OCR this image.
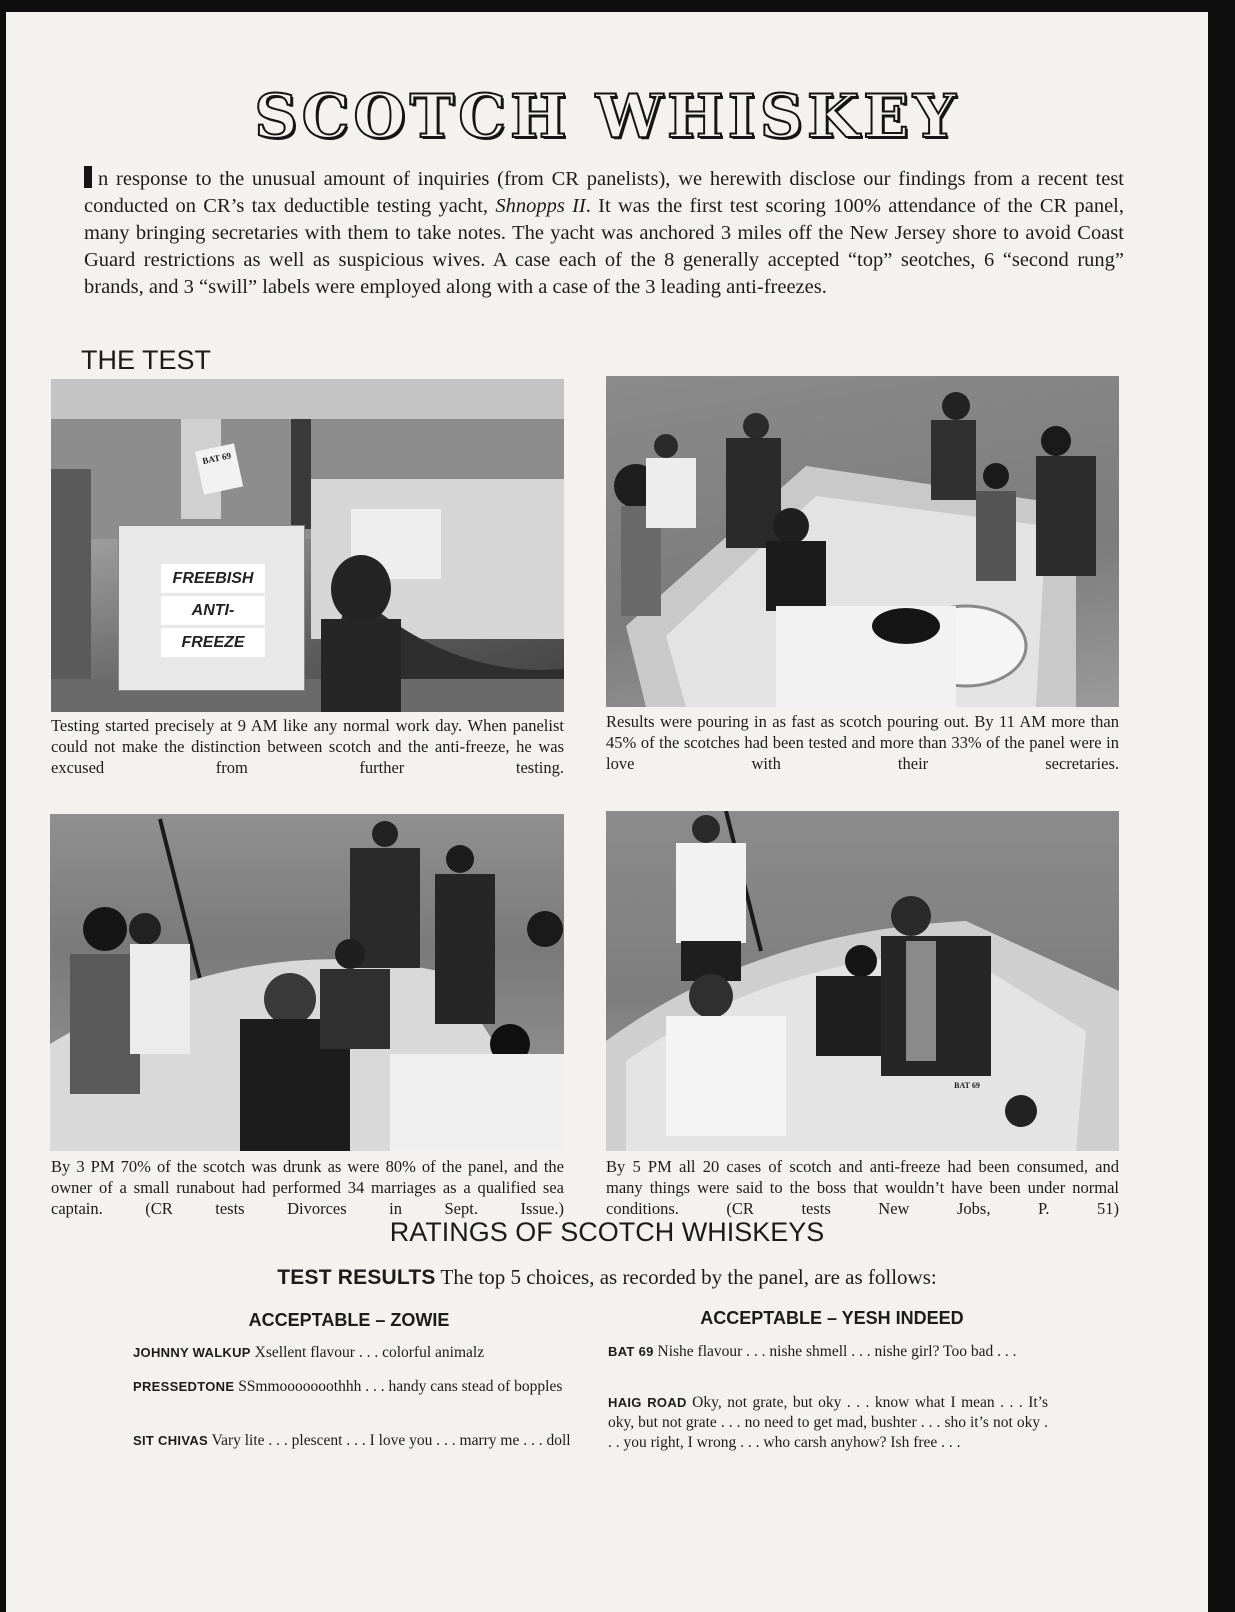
SCOTCH WHISKEY
n response to the unusual amount of inquiries (from CR panelists), we herewith disclose our findings from a recent test conducted on CR’s tax deductible testing yacht, Shnopps II. It was the first test scoring 100% attendance of the CR panel, many bringing secretaries with them to take notes. The yacht was anchored 3 miles off the New Jersey shore to avoid Coast Guard restrictions as well as suspicious wives. A case each of the 8 generally accepted “top” seotches, 6 “second rung” brands, and 3 “swill” labels were employed along with a case of the 3 leading anti-freezes.
THE TEST
FREEBISH
ANTI-
FREEZE
BAT 69
Testing started precisely at 9 AM like any normal work day. When panelist could not make the distinction between scotch and the anti-freeze, he was excused from further testing.
Results were pouring in as fast as scotch pouring out. By 11 AM more than 45% of the scotches had been tested and more than 33% of the panel were in love with their secretaries.
BAT 69
By 3 PM 70% of the scotch was drunk as were 80% of the panel, and the owner of a small runabout had performed 34 marriages as a qualified sea captain. (CR tests Divorces in Sept. Issue.)
By 5 PM all 20 cases of scotch and anti-freeze had been consumed, and many things were said to the boss that wouldn’t have been under normal conditions. (CR tests New Jobs, P. 51)
RATINGS OF SCOTCH WHISKEYS
TEST RESULTS The top 5 choices, as recorded by the panel, are as follows:
ACCEPTABLE – ZOWIE	ACCEPTABLE – YESH INDEED
JOHNNY WALKUP Xsellent flavour . . . colorful animalz
PRESSEDTONE SSmmooooooothhh . . . handy cans stead of bopples
SIT CHIVAS Vary lite . . . plescent . . . I love you . . . marry me . . . doll
BAT 69 Nishe flavour . . . nishe shmell . . . nishe girl? Too bad . . .
HAIG ROAD Oky, not grate, but oky . . . know what I mean . . . It’s oky, but not grate . . . no need to get mad, bushter . . . sho it’s not oky . . . you right, I wrong . . . who carsh anyhow? Ish free . . .
